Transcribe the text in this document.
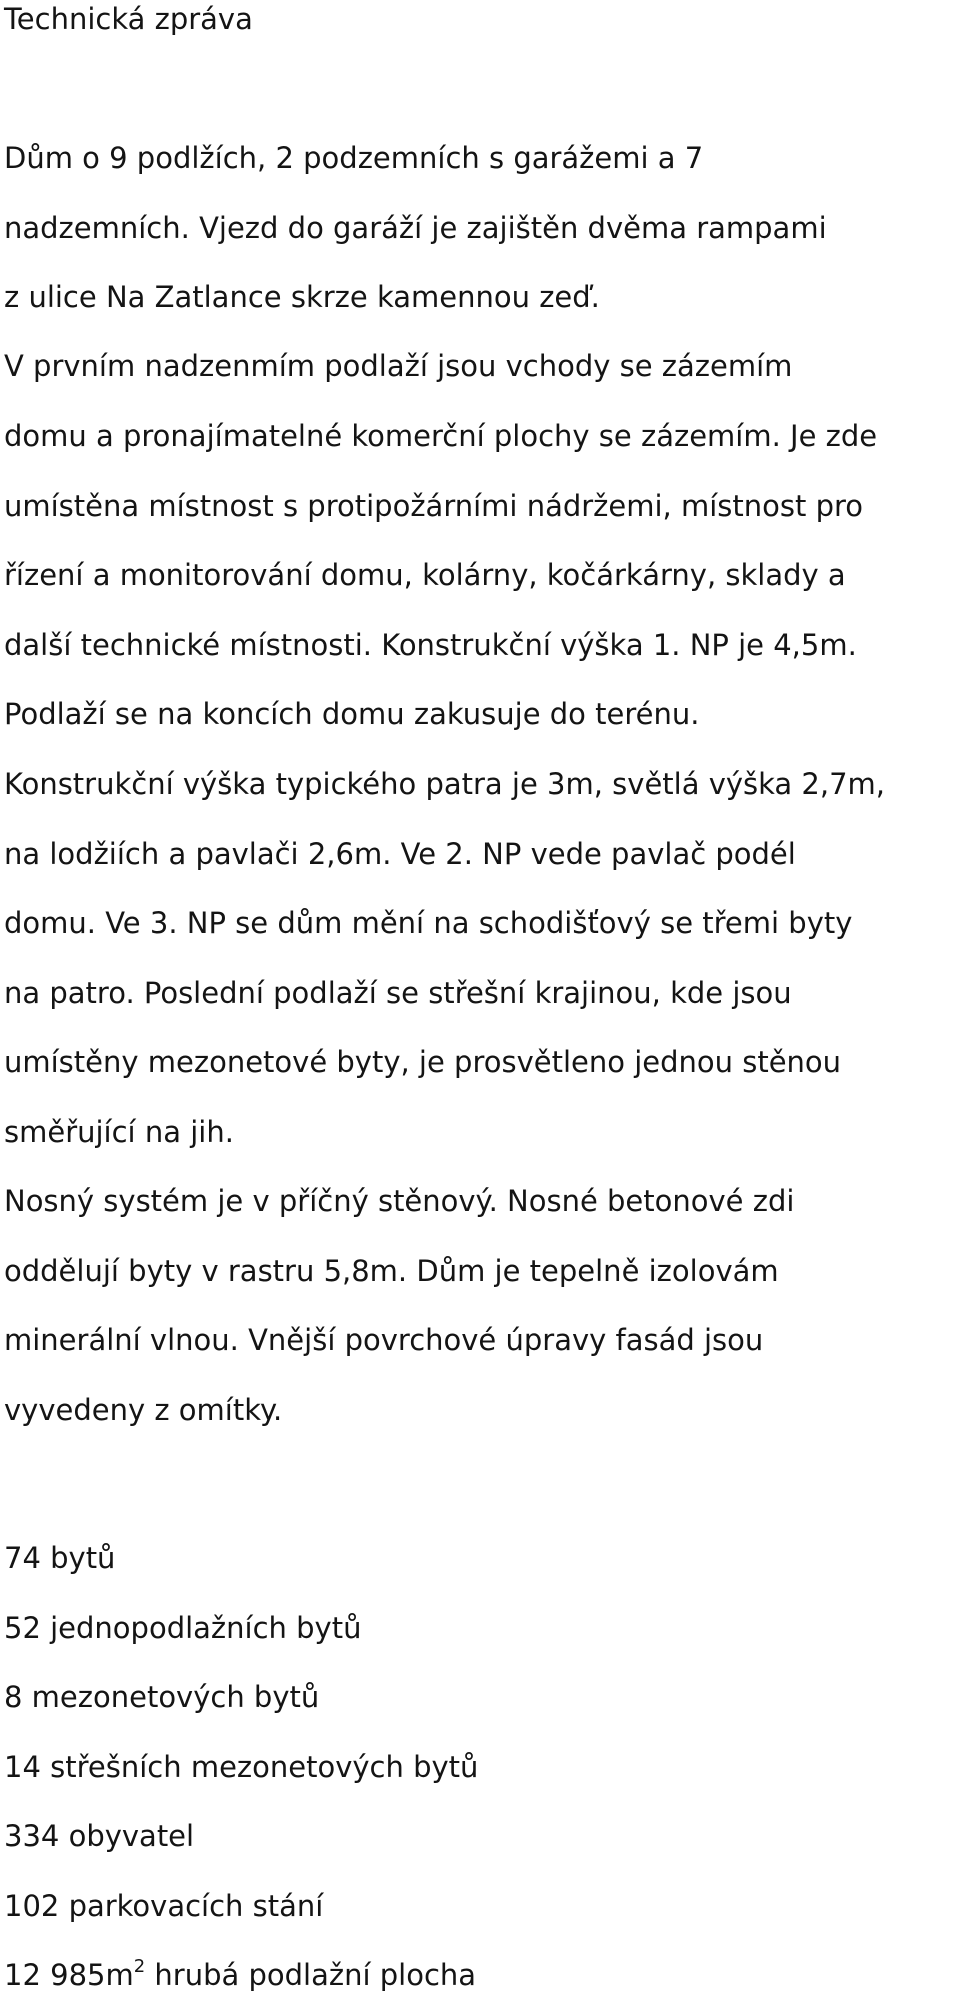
Technická zpráva

Dům o 9 podlžích, 2 podzemních s garážemi a 7

nadzemních. Vjezd do garáží je zajištěn dvěma rampami

z ulice Na Zatlance skrze kamennou zeď.

V prvním nadzenmím podlaží jsou vchody se zázemím

domu a pronajímatelné komerční plochy se zázemím. Je zde

umístěna místnost s protipožárními nádržemi, místnost pro

řízení a monitorování domu, kolárny, kočárkárny, sklady a

další technické místnosti. Konstrukční výška 1. NP je 4,5m.

Podlaží se na koncích domu zakusuje do terénu.

Konstrukční výška typického patra je 3m, světlá výška 2,7m,

na lodžiích a pavlači 2,6m. Ve 2. NP vede pavlač podél

domu. Ve 3. NP se dům mění na schodišťový se třemi byty

na patro. Poslední podlaží se střešní krajinou, kde jsou

umístěny mezonetové byty, je prosvětleno jednou stěnou

směřující na jih.

Nosný systém je v příčný stěnový. Nosné betonové zdi

oddělují byty v rastru 5,8m. Dům je tepelně izolovám

minerální vlnou. Vnější povrchové úpravy fasád jsou

vyvedeny z omítky.

74 bytů

52 jednopodlažních bytů

8 mezonetových bytů

14 střešních mezonetových bytů

334 obyvatel

102 parkovacích stání

12 $985m^2$ hrubá podlažní plocha
